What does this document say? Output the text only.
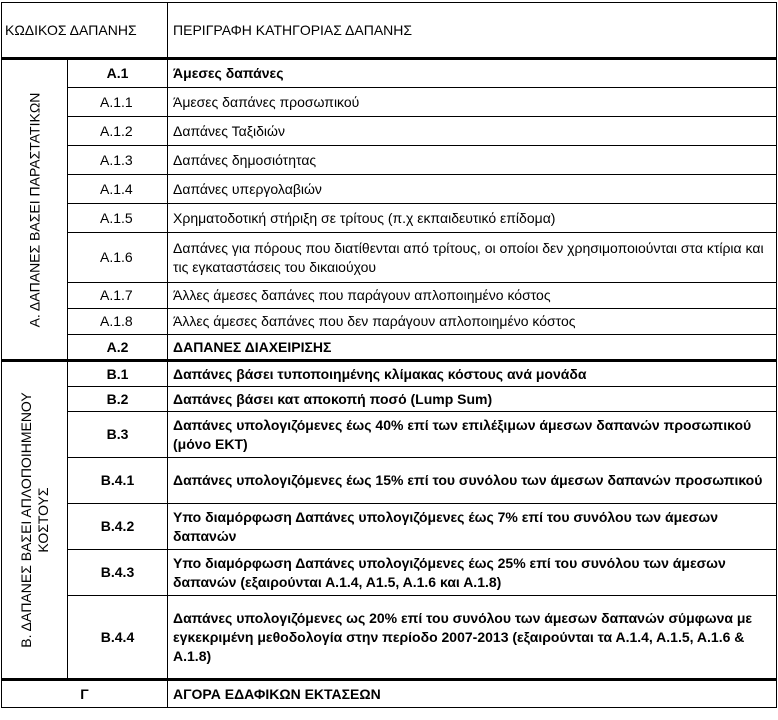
ΚΩΔΙΚΟΣ ΔΑΠΑΝΗΣ		ΠΕΡΙΓΡΑΦΗ ΚΑΤΗΓΟΡΙΑΣ ΔΑΠΑΝΗΣ

Α. ΔΑΠΑΝΕΣ ΒΑΣΕΙ ΠΑΡΑΣΤΑΤΙΚΩΝ	Α.1	Άμεσες δαπάνες
	Α.1.1	Άμεσες δαπάνες προσωπικού
	Α.1.2	Δαπάνες Ταξιδιών
	Α.1.3	Δαπάνες δημοσιότητας
	Α.1.4	Δαπάνες υπεργολαβιών
	Α.1.5	Χρηματοδοτική στήριξη σε τρίτους (π.χ εκπαιδευτικό επίδομα)
	Α.1.6	Δαπάνες για πόρους που διατίθενται από τρίτους, οι οποίοι δεν χρησιμοποιούνται στα κτίρια και τις εγκαταστάσεις του δικαιούχου
	Α.1.7	Άλλες άμεσες δαπάνες που παράγουν απλοποιημένο κόστος
	Α.1.8	Άλλες άμεσες δαπάνες που δεν παράγουν απλοποιημένο κόστος
	Α.2	ΔΑΠΑΝΕΣ ΔΙΑΧΕΙΡΙΣΗΣ

Β. ΔΑΠΑΝΕΣ ΒΑΣΕΙ ΑΠΛΟΠΟΙΗΜΕΝΟΥ ΚΟΣΤΟΥΣ	Β.1	Δαπάνες βάσει τυποποιημένης κλίμακας κόστους ανά μονάδα
	Β.2	Δαπάνες βάσει κατ αποκοπή ποσό (Lump Sum)
	Β.3	Δαπάνες υπολογιζόμενες έως 40% επί των επιλέξιμων άμεσων δαπανών προσωπικού (μόνο ΕΚΤ)
	Β.4.1	Δαπάνες υπολογιζόμενες έως 15% επί του συνόλου των άμεσων δαπανών προσωπικού
	Β.4.2	Υπο διαμόρφωση Δαπάνες υπολογιζόμενες έως 7% επί του συνόλου των άμεσων δαπανών
	Β.4.3	Υπο διαμόρφωση Δαπάνες υπολογιζόμενες έως 25% επί του συνόλου των άμεσων δαπανών (εξαιρούνται Α.1.4, Α1.5, Α.1.6 και Α.1.8)
	Β.4.4	Δαπάνες υπολογιζόμενες ως 20% επί του συνόλου των άμεσων δαπανών σύμφωνα με εγκεκριμένη μεθοδολογία στην περίοδο 2007-2013 (εξαιρούνται τα Α.1.4, Α.1.5, Α.1.6 & Α.1.8)
Γ		ΑΓΟΡΑ ΕΔΑΦΙΚΩΝ ΕΚΤΑΣΕΩΝ
